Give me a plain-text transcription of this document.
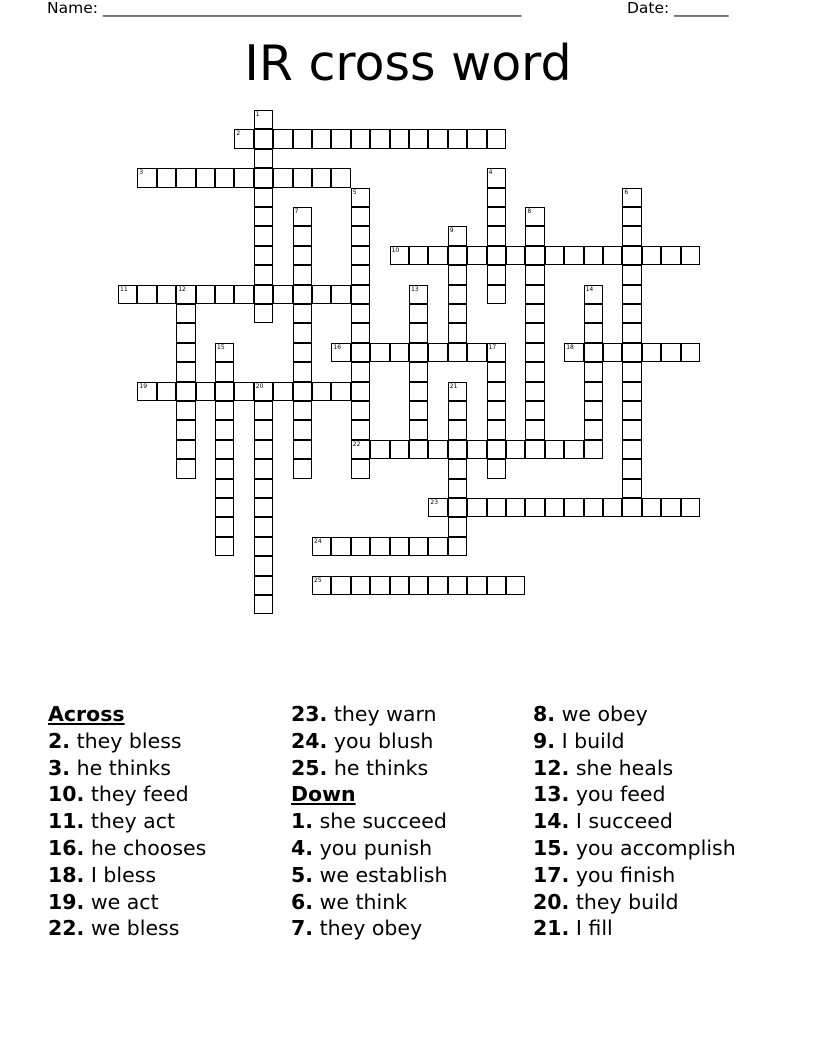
Name: ______________________________________________________	Date: _______
IR cross word
2
3
10
11	12
16	17	18
19	20
22
23
24
25
1
4
5	6
7	8
9
13	14
15
21
Across
2. they bless
3. he thinks
10. they feed
11. they act
16. he chooses
18. I bless
19. we act
22. we bless
23. they warn
24. you blush
25. he thinks
Down
1. she succeed
4. you punish
5. we establish
6. we think
7. they obey
8. we obey
9. I build
12. she heals
13. you feed
14. I succeed
15. you accomplish
17. you finish
20. they build
21. I fill
